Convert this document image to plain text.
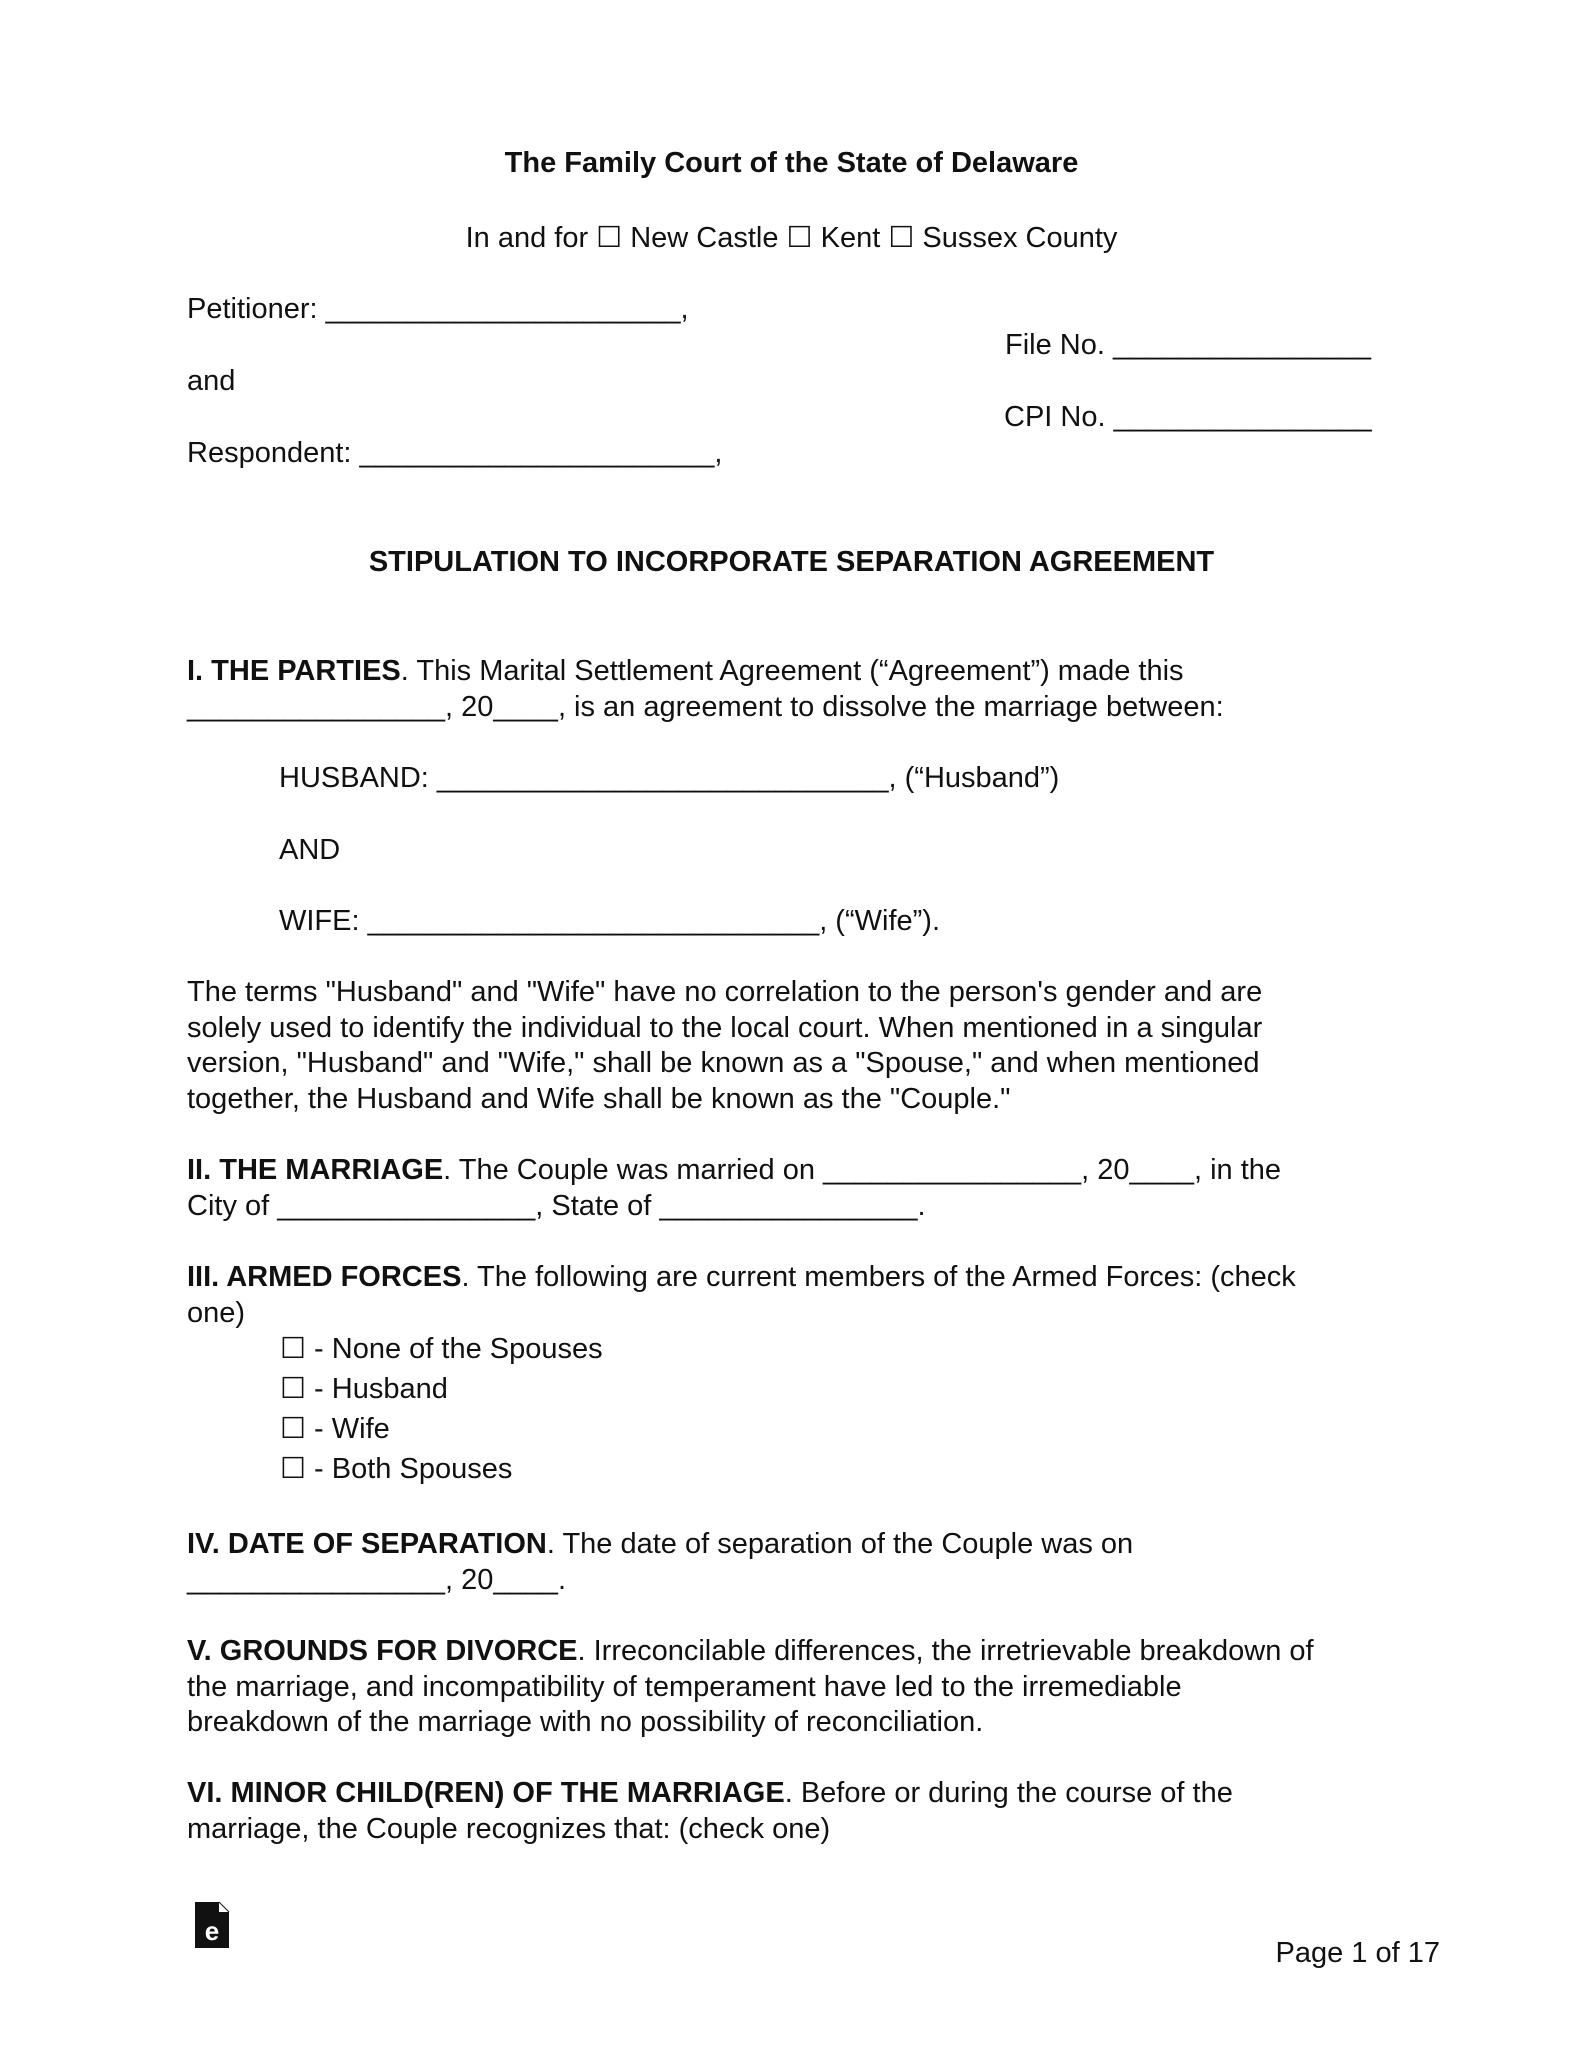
The Family Court of the State of Delaware

In and for ☐ New Castle ☐ Kent ☐ Sussex County

Petitioner: ______________________,

File No. ________________

and

CPI No. ________________

Respondent: ______________________,

STIPULATION TO INCORPORATE SEPARATION AGREEMENT

I. THE PARTIES. This Marital Settlement Agreement (“Agreement”) made this
________________, 20____, is an agreement to dissolve the marriage between:

HUSBAND: ____________________________, (“Husband”)

AND

WIFE: ____________________________, (“Wife”).

The terms "Husband" and "Wife" have no correlation to the person's gender and are
solely used to identify the individual to the local court. When mentioned in a singular
version, "Husband" and "Wife," shall be known as a "Spouse," and when mentioned
together, the Husband and Wife shall be known as the "Couple."
II. THE MARRIAGE. The Couple was married on ________________, 20____, in the
City of ________________, State of ________________.
III. ARMED FORCES. The following are current members of the Armed Forces: (check
one)

☐ - None of the Spouses

☐ - Husband

☐ - Wife

☐ - Both Spouses

IV. DATE OF SEPARATION. The date of separation of the Couple was on
________________, 20____.
V. GROUNDS FOR DIVORCE. Irreconcilable differences, the irretrievable breakdown of
the marriage, and incompatibility of temperament have led to the irremediable
breakdown of the marriage with no possibility of reconciliation.
VI. MINOR CHILD(REN) OF THE MARRIAGE. Before or during the course of the
marriage, the Couple recognizes that: (check one)
e

Page 1 of 17
